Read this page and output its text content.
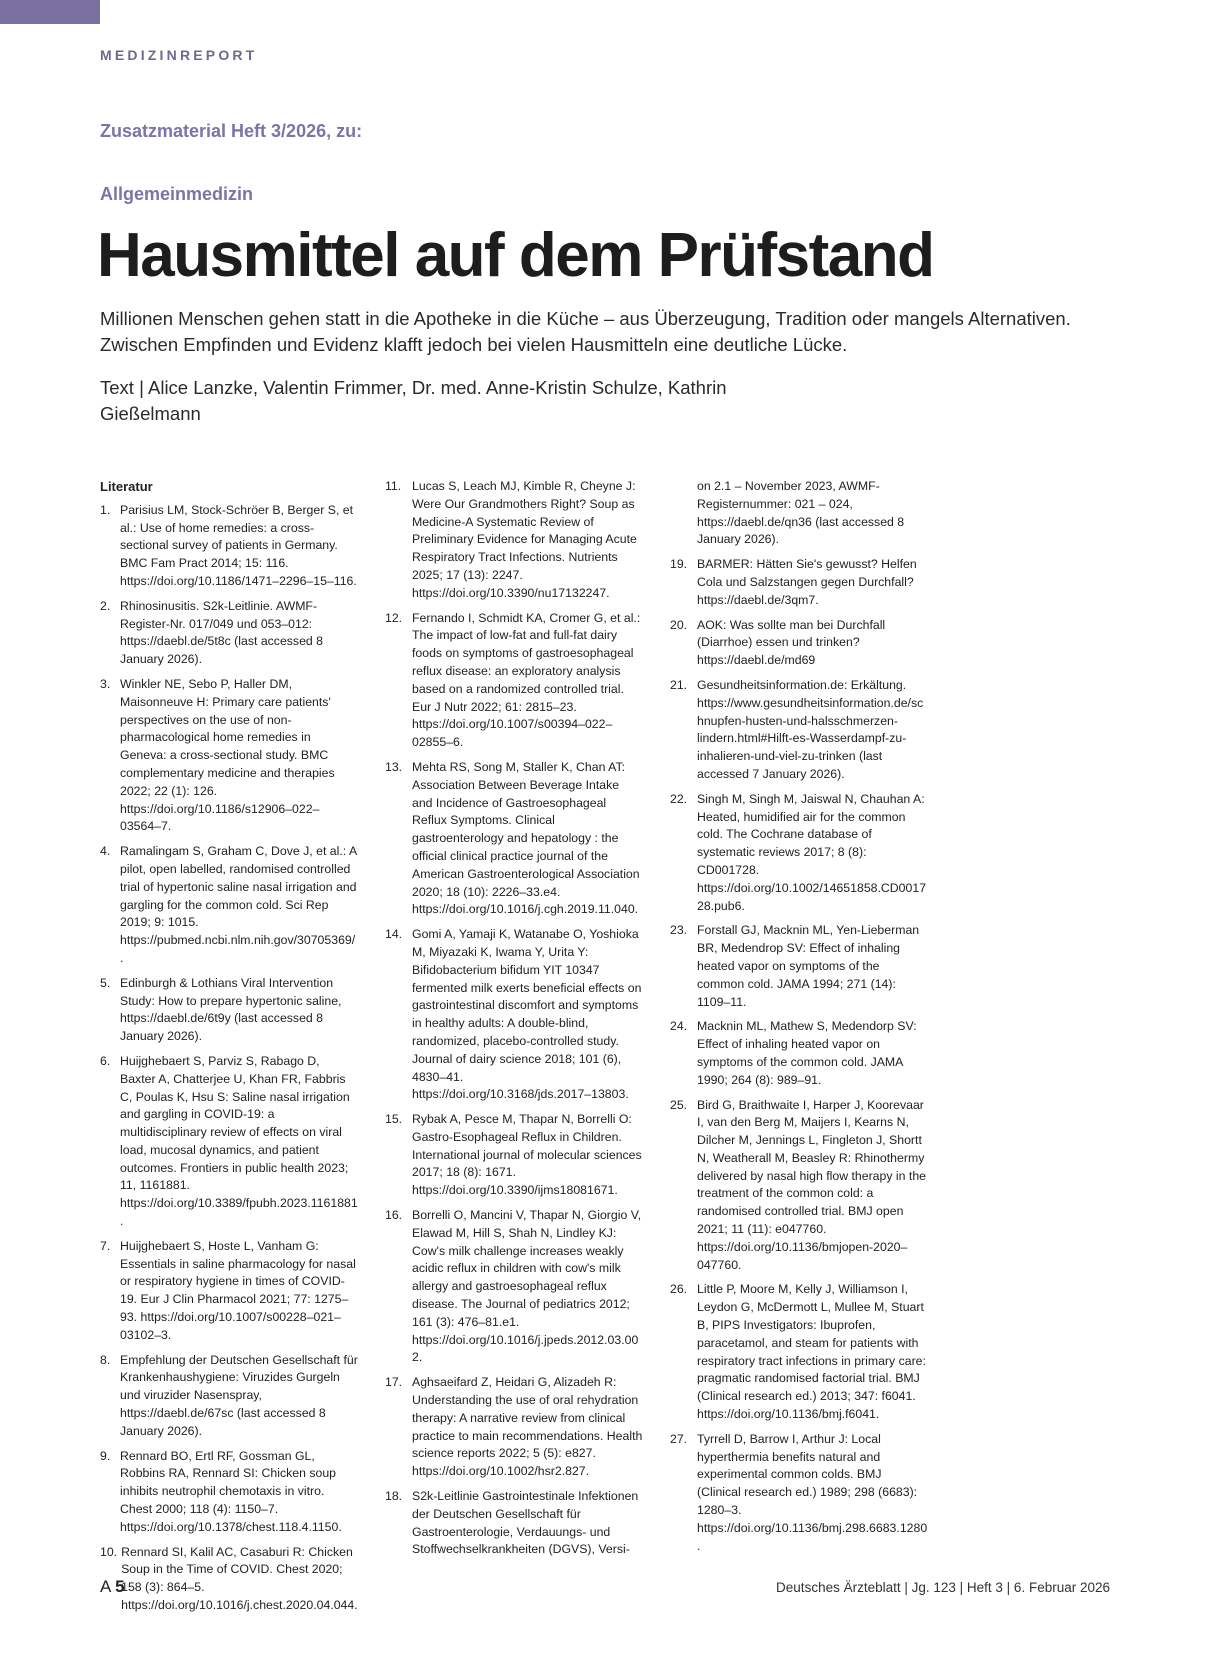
MEDIZINREPORT
Zusatzmaterial Heft 3/2026, zu:
Allgemeinmedizin
Hausmittel auf dem Prüfstand

Millionen Menschen gehen statt in die Apotheke in die Küche – aus Überzeugung, Tradition oder mangels Alternativen. Zwischen Empfinden und Evidenz klafft jedoch bei vielen Hausmitteln eine deutliche Lücke.

Text | Alice Lanzke, Valentin Frimmer, Dr. med. Anne-Kristin Schulze, Kathrin Gießelmann

Literatur
1. Parisius LM, Stock-Schröer B, Berger S, et al.: Use of home remedies: a cross-sectional survey of patients in Germany. BMC Fam Pract 2014; 15: 116. https://doi.org/10.1186/1471–2296–15–116.
2. Rhinosinusitis. S2k-Leitlinie. AWMF-Register-Nr. 017/049 und 053–012: https://daebl.de/5t8c (last accessed 8 January 2026).
3. Winkler NE, Sebo P, Haller DM, Maisonneuve H: Primary care patients' perspectives on the use of non-pharmacological home remedies in Geneva: a cross-sectional study. BMC complementary medicine and therapies 2022; 22 (1): 126. https://doi.org/10.1186/s12906–022–03564–7.
4. Ramalingam S, Graham C, Dove J, et al.: A pilot, open labelled, randomised controlled trial of hypertonic saline nasal irrigation and gargling for the common cold. Sci Rep 2019; 9: 1015. https://pubmed.ncbi.nlm.nih.gov/30705369/.
5. Edinburgh & Lothians Viral Intervention Study: How to prepare hypertonic saline, https://daebl.de/6t9y (last accessed 8 January 2026).
6. Huijghebaert S, Parviz S, Rabago D, Baxter A, Chatterjee U, Khan FR, Fabbris C, Poulas K, Hsu S: Saline nasal irrigation and gargling in COVID-19: a multidisciplinary review of effects on viral load, mucosal dynamics, and patient outcomes. Frontiers in public health 2023; 11, 1161881. https://doi.org/10.3389/fpubh.2023.1161881.
7. Huijghebaert S, Hoste L, Vanham G: Essentials in saline pharmacology for nasal or respiratory hygiene in times of COVID-19. Eur J Clin Pharmacol 2021; 77: 1275–93. https://doi.org/10.1007/s00228–021–03102–3.
8. Empfehlung der Deutschen Gesellschaft für Krankenhaushygiene: Viruzides Gurgeln und viruzider Nasenspray, https://daebl.de/67sc (last accessed 8 January 2026).
9. Rennard BO, Ertl RF, Gossman GL, Robbins RA, Rennard SI: Chicken soup inhibits neutrophil chemotaxis in vitro. Chest 2000; 118 (4): 1150–7. https://doi.org/10.1378/chest.118.4.1150.
10. Rennard SI, Kalil AC, Casaburi R: Chicken Soup in the Time of COVID. Chest 2020; 158 (3): 864–5. https://doi.org/10.1016/j.chest.2020.04.044.
11. Lucas S, Leach MJ, Kimble R, Cheyne J: Were Our Grandmothers Right? Soup as Medicine-A Systematic Review of Preliminary Evidence for Managing Acute Respiratory Tract Infections. Nutrients 2025; 17 (13): 2247. https://doi.org/10.3390/nu17132247.
12. Fernando I, Schmidt KA, Cromer G, et al.: The impact of low-fat and full-fat dairy foods on symptoms of gastroesophageal reflux disease: an exploratory analysis based on a randomized controlled trial. Eur J Nutr 2022; 61: 2815–23. https://doi.org/10.1007/s00394–022–02855–6.
13. Mehta RS, Song M, Staller K, Chan AT: Association Between Beverage Intake and Incidence of Gastroesophageal Reflux Symptoms. Clinical gastroenterology and hepatology : the official clinical practice journal of the American Gastroenterological Association 2020; 18 (10): 2226–33.e4. https://doi.org/10.1016/j.cgh.2019.11.040.
14. Gomi A, Yamaji K, Watanabe O, Yoshioka M, Miyazaki K, Iwama Y, Urita Y: Bifidobacterium bifidum YIT 10347 fermented milk exerts beneficial effects on gastrointestinal discomfort and symptoms in healthy adults: A double-blind, randomized, placebo-controlled study. Journal of dairy science 2018; 101 (6), 4830–41. https://doi.org/10.3168/jds.2017–13803.
15. Rybak A, Pesce M, Thapar N, Borrelli O: Gastro-Esophageal Reflux in Children. International journal of molecular sciences 2017; 18 (8): 1671. https://doi.org/10.3390/ijms18081671.
16. Borrelli O, Mancini V, Thapar N, Giorgio V, Elawad M, Hill S, Shah N, Lindley KJ: Cow's milk challenge increases weakly acidic reflux in children with cow's milk allergy and gastroesophageal reflux disease. The Journal of pediatrics 2012; 161 (3): 476–81.e1. https://doi.org/10.1016/j.jpeds.2012.03.002.
17. Aghsaeifard Z, Heidari G, Alizadeh R: Understanding the use of oral rehydration therapy: A narrative review from clinical practice to main recommendations. Health science reports 2022; 5 (5): e827. https://doi.org/10.1002/hsr2.827.
18. S2k-Leitlinie Gastrointestinale Infektionen der Deutschen Gesellschaft für Gastroenterologie, Verdauungs- und Stoffwechselkrankheiten (DGVS), Versi-
on 2.1 – November 2023, AWMF-Registernummer: 021 – 024, https://daebl.de/qn36 (last accessed 8 January 2026).
19. BARMER: Hätten Sie's gewusst? Helfen Cola und Salzstangen gegen Durchfall? https://daebl.de/3qm7.
20. AOK: Was sollte man bei Durchfall (Diarrhoe) essen und trinken? https://daebl.de/md69
21. Gesundheitsinformation.de: Erkältung. https://www.gesundheitsinformation.de/schnupfen-husten-und-halsschmerzen-lindern.html#Hilft-es-Wasserdampf-zu-inhalieren-und-viel-zu-trinken (last accessed 7 January 2026).
22. Singh M, Singh M, Jaiswal N, Chauhan A: Heated, humidified air for the common cold. The Cochrane database of systematic reviews 2017; 8 (8): CD001728. https://doi.org/10.1002/14651858.CD001728.pub6.
23. Forstall GJ, Macknin ML, Yen-Lieberman BR, Medendrop SV: Effect of inhaling heated vapor on symptoms of the common cold. JAMA 1994; 271 (14): 1109–11.
24. Macknin ML, Mathew S, Medendorp SV: Effect of inhaling heated vapor on symptoms of the common cold. JAMA 1990; 264 (8): 989–91.
25. Bird G, Braithwaite I, Harper J, Koorevaar I, van den Berg M, Maijers I, Kearns N, Dilcher M, Jennings L, Fingleton J, Shortt N, Weatherall M, Beasley R: Rhinothermy delivered by nasal high flow therapy in the treatment of the common cold: a randomised controlled trial. BMJ open 2021; 11 (11): e047760. https://doi.org/10.1136/bmjopen-2020–047760.
26. Little P, Moore M, Kelly J, Williamson I, Leydon G, McDermott L, Mullee M, Stuart B, PIPS Investigators: Ibuprofen, paracetamol, and steam for patients with respiratory tract infections in primary care: pragmatic randomised factorial trial. BMJ (Clinical research ed.) 2013; 347: f6041. https://doi.org/10.1136/bmj.f6041.
27. Tyrrell D, Barrow I, Arthur J: Local hyperthermia benefits natural and experimental common colds. BMJ (Clinical research ed.) 1989; 298 (6683): 1280–3. https://doi.org/10.1136/bmj.298.6683.1280.
A 5	Deutsches Ärzteblatt | Jg. 123 | Heft 3 | 6. Februar 2026
